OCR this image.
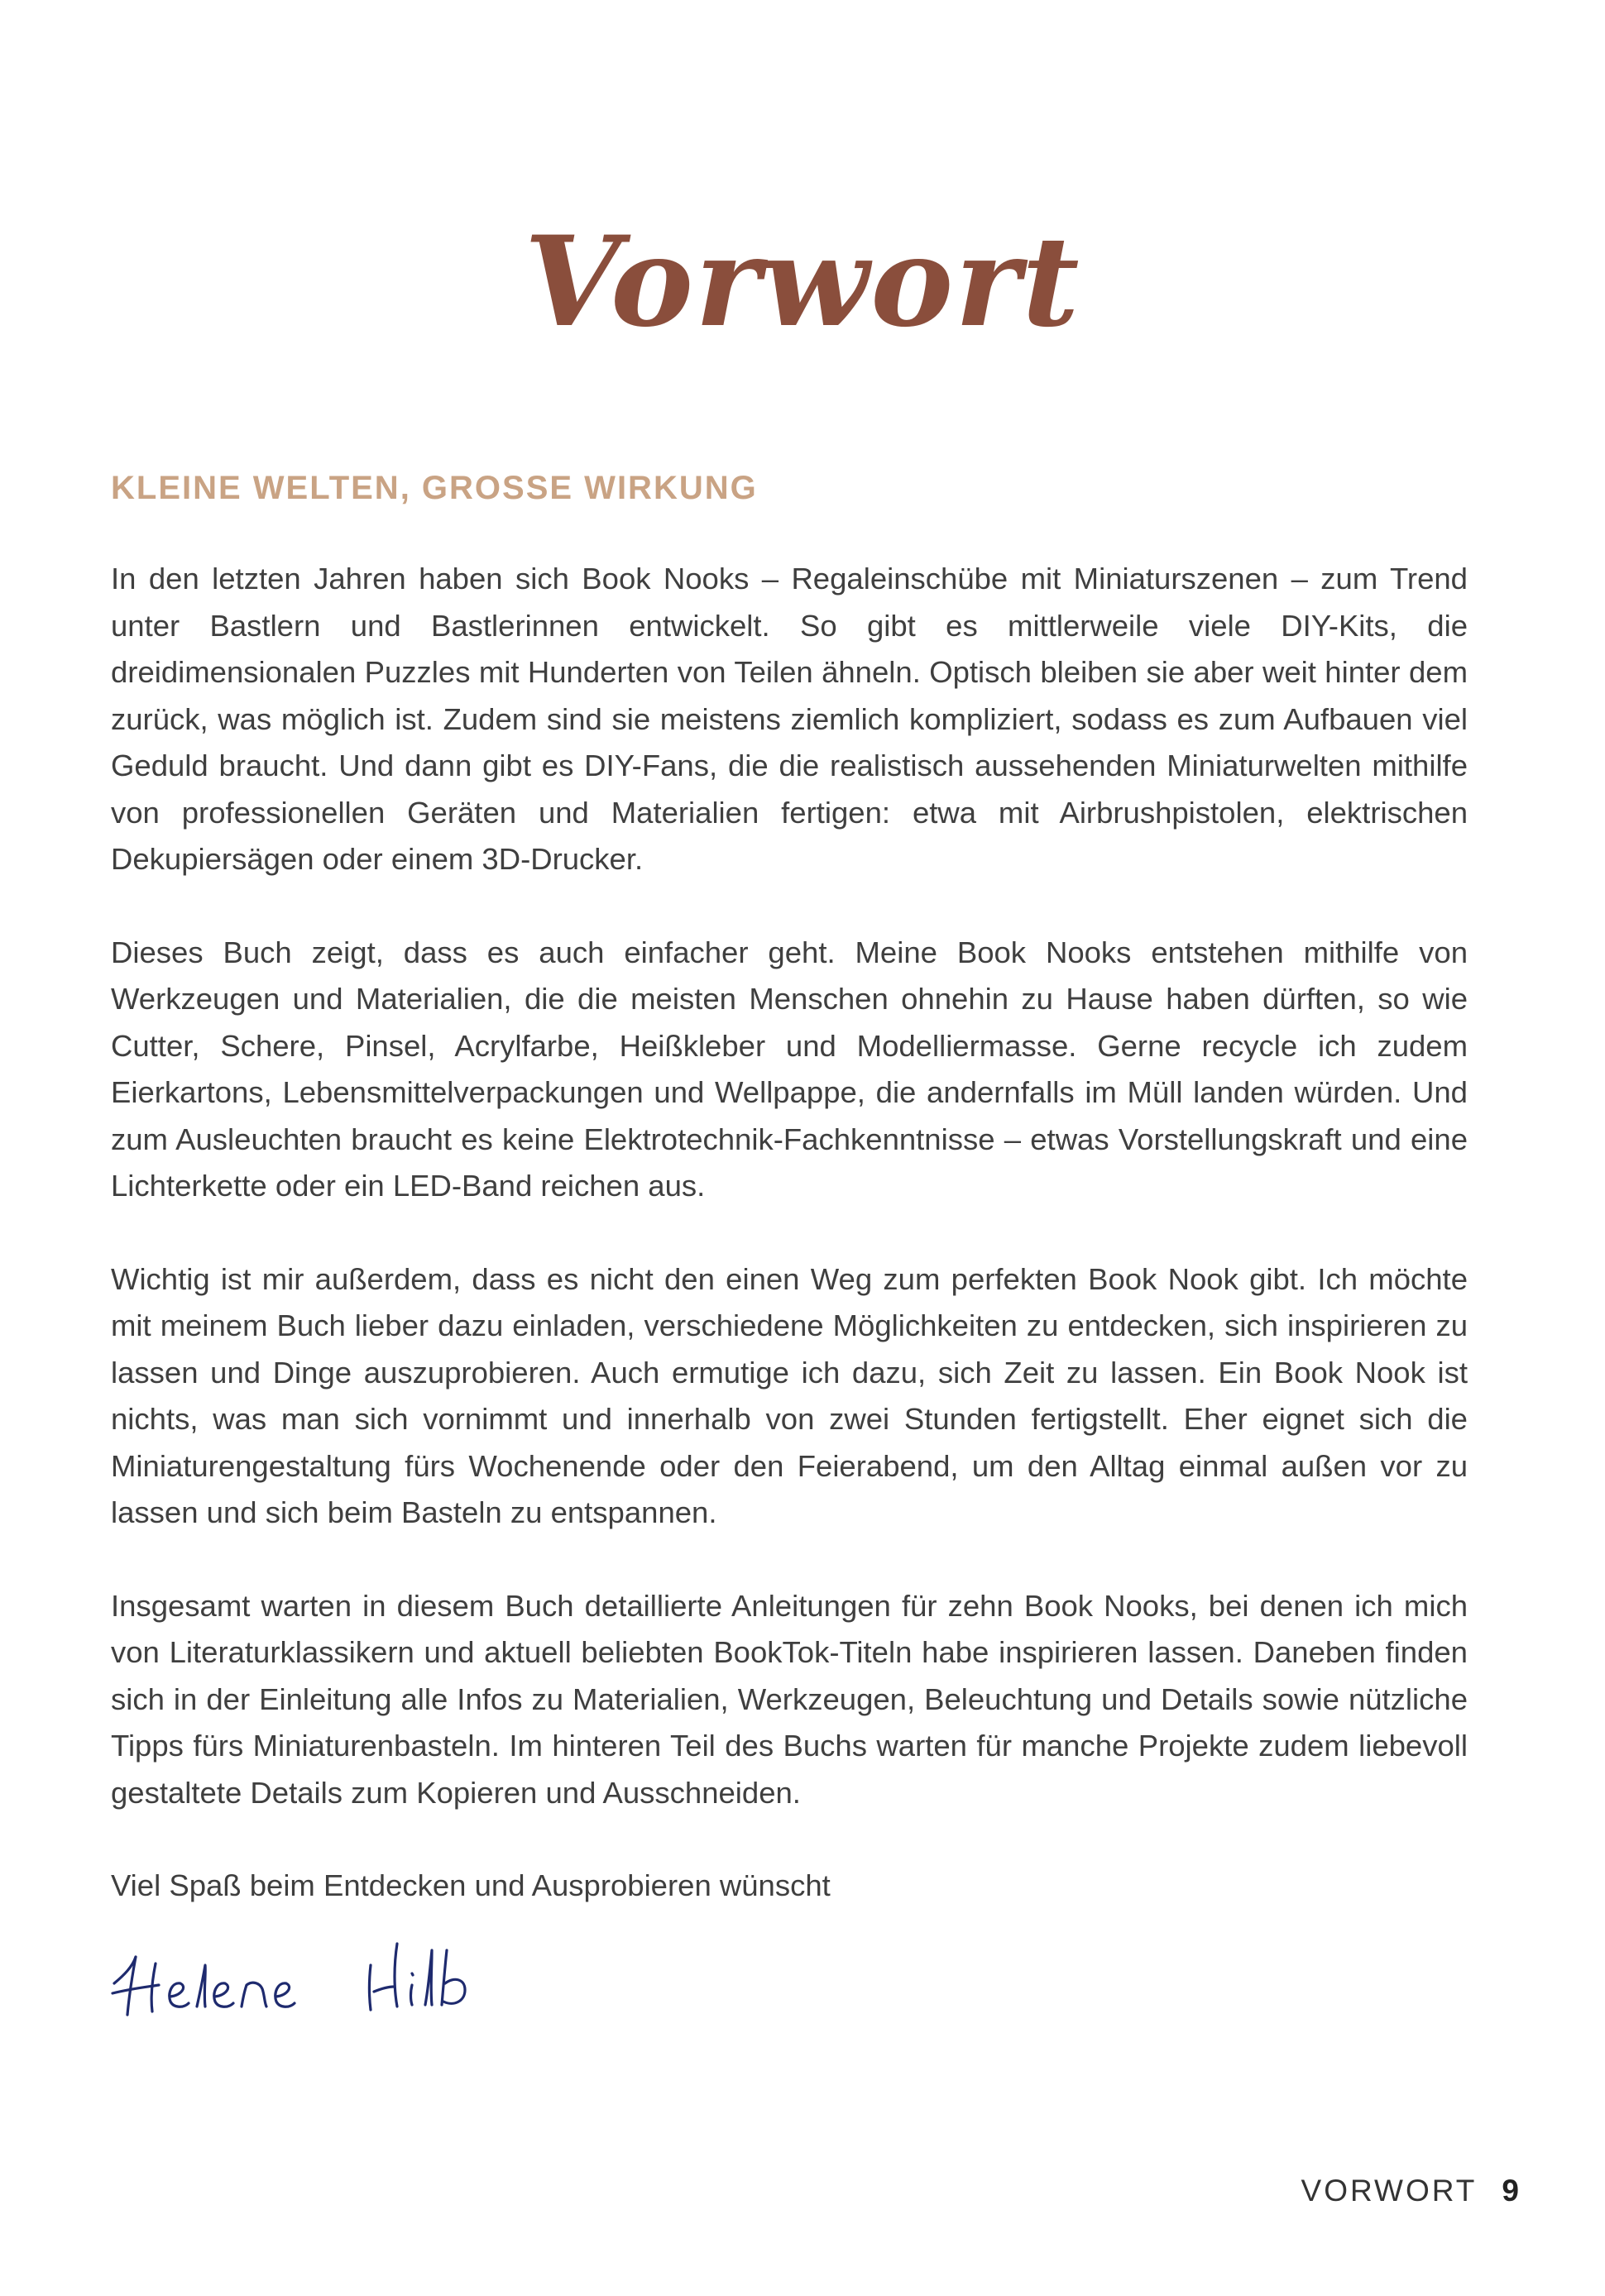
Vorwort
KLEINE WELTEN, GROSSE WIRKUNG

In den letzten Jahren haben sich Book Nooks – Regaleinschübe mit Miniaturszenen – zum Trend unter Bastlern und Bastlerinnen entwickelt. So gibt es mittlerweile viele DIY-Kits, die dreidimensionalen Puzzles mit Hunderten von Teilen ähneln. Optisch bleiben sie aber weit hinter dem zurück, was möglich ist. Zudem sind sie meistens ziemlich kompliziert, sodass es zum Aufbauen viel Geduld braucht. Und dann gibt es DIY-Fans, die die realistisch aussehenden Miniaturwelten mithilfe von professionellen Geräten und Materialien fertigen: etwa mit Airbrushpistolen, elektrischen Dekupiersägen oder einem 3D-Drucker.

Dieses Buch zeigt, dass es auch einfacher geht. Meine Book Nooks entstehen mithilfe von Werkzeugen und Materialien, die die meisten Menschen ohnehin zu Hause haben dürften, so wie Cutter, Schere, Pinsel, Acrylfarbe, Heißkleber und Modelliermasse. Gerne recycle ich zudem Eierkartons, Lebensmittelverpackungen und Wellpappe, die andernfalls im Müll landen würden. Und zum Ausleuchten braucht es keine Elektrotechnik-Fachkenntnisse – etwas Vorstellungskraft und eine Lichterkette oder ein LED-Band reichen aus.

Wichtig ist mir außerdem, dass es nicht den einen Weg zum perfekten Book Nook gibt. Ich möchte mit meinem Buch lieber dazu einladen, verschiedene Möglichkeiten zu entdecken, sich inspirieren zu lassen und Dinge auszuprobieren. Auch ermutige ich dazu, sich Zeit zu lassen. Ein Book Nook ist nichts, was man sich vornimmt und innerhalb von zwei Stunden fertigstellt. Eher eignet sich die Miniaturengestaltung fürs Wochenende oder den Feierabend, um den Alltag einmal außen vor zu lassen und sich beim Basteln zu entspannen.

Insgesamt warten in diesem Buch detaillierte Anleitungen für zehn Book Nooks, bei denen ich mich von Literaturklassikern und aktuell beliebten BookTok-Titeln habe inspirieren lassen. Daneben finden sich in der Einleitung alle Infos zu Materialien, Werkzeugen, Beleuchtung und Details sowie nützliche Tipps fürs Miniaturenbasteln. Im hinteren Teil des Buchs warten für manche Projekte zudem liebevoll gestaltete Details zum Kopieren und Ausschneiden.

Viel Spaß beim Entdecken und Ausprobieren wünscht

VORWORT 9
